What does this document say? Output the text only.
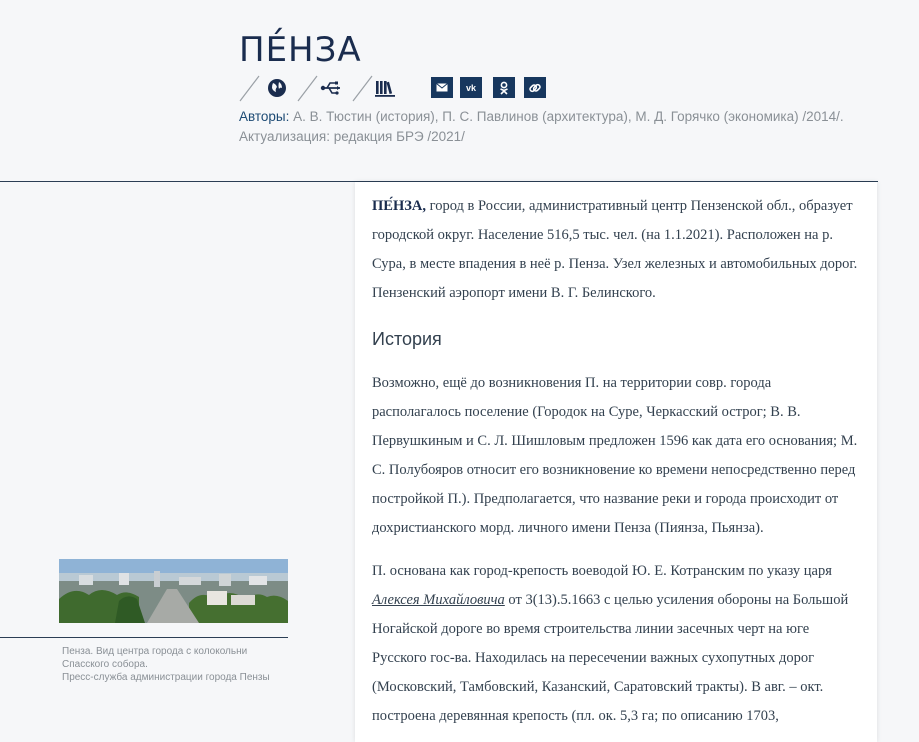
ПЕ́НЗА
vk
Авторы: А. В. Тюстин (история), П. С. Павлинов (архитектура), М. Д. Горячко (экономика) /2014/.
Актуализация: редакция БРЭ /2021/
Пенза. Вид центра города с колокольни
Спасского собора.
Пресс-служба администрации города Пензы

ПЕ́НЗА, город в России, административный центр Пензенской обл., образует городской округ. Население 516,5 тыс. чел. (на 1.1.2021). Расположен на р. Сура, в месте впадения в неё р. Пенза. Узел железных и автомобильных дорог. Пензенский аэропорт имени В. Г. Белинского.

История

Возможно, ещё до возникновения П. на территории совр. города располагалось поселение (Городок на Суре, Черкасский острог; В. В. Первушкиным и С. Л. Шишловым предложен 1596 как дата его основания; М. С. Полубояров относит его возникновение ко времени непосредственно перед постройкой П.). Предполагается, что название реки и города происходит от дохристианского морд. личного имени Пенза (Пиянза, Пьянза).

П. основана как город-крепость воеводой Ю. Е. Котранским по указу царя Алексея Михайловича от 3(13).5.1663 с целью усиления обороны на Большой Ногайской дороге во время строительства линии засечных черт на юге Русского гос-ва. Находилась на пересечении важных сухопутных дорог (Московский, Тамбовский, Казанский, Саратовский тракты). В авг. – окт. построена деревянная крепость (пл. ок. 5,3 га; по описанию 1703,
